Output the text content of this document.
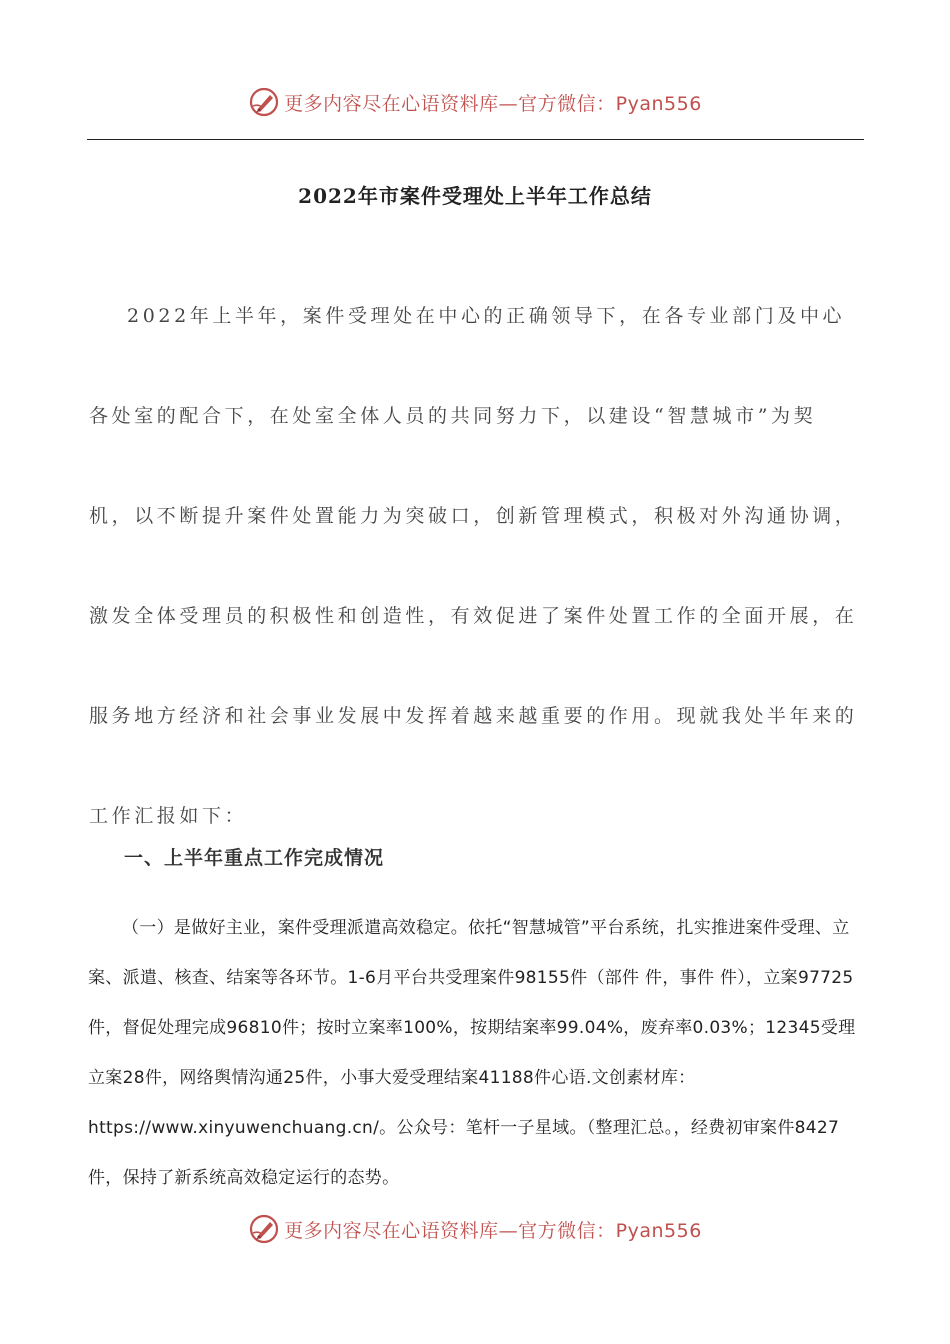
更多内容尽在心语资料库—官方微信：Pyan556
2022年市案件受理处上半年工作总结

2022年上半年，案件受理处在中心的正确领导下，在各专业部门及中心各处室的配合下，在处室全体人员的共同努力下，以建设“智慧城市”为契机，以不断提升案件处置能力为突破口，创新管理模式，积极对外沟通协调，激发全体受理员的积极性和创造性，有效促进了案件处置工作的全面开展，在服务地方经济和社会事业发展中发挥着越来越重要的作用。现就我处半年来的工作汇报如下：

一、上半年重点工作完成情况

（一）是做好主业，案件受理派遣高效稳定。依托“智慧城管”平台系统，扎实推进案件受理、立案、派遣、核查、结案等各环节。1-6月平台共受理案件98155件（部件 件，事件 件），立案97725件，督促处理完成96810件；按时立案率100%，按期结案率99.04%，废弃率0.03%；12345受理立案28件，网络舆情沟通25件，小事大爱受理结案41188件心语.文创素材库：https://www.xinyuwenchuang.cn/。公众号：笔杆一子星域。（整理汇总。，经费初审案件8427件，保持了新系统高效稳定运行的态势。

更多内容尽在心语资料库—官方微信：Pyan556
